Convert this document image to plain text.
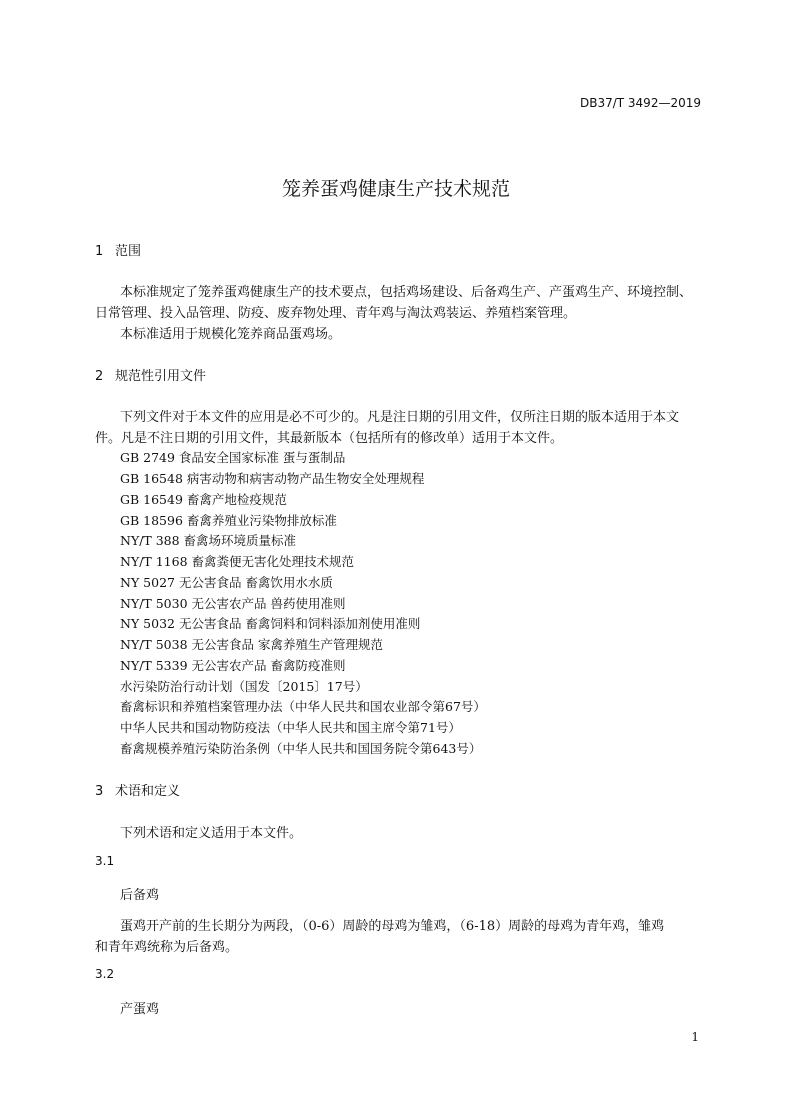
DB37/T 3492—2019
笼养蛋鸡健康生产技术规范
1 范围
本标准规定了笼养蛋鸡健康生产的技术要点，包括鸡场建设、后备鸡生产、产蛋鸡生产、环境控制、
日常管理、投入品管理、防疫、废弃物处理、青年鸡与淘汰鸡装运、养殖档案管理。
本标准适用于规模化笼养商品蛋鸡场。
2 规范性引用文件
下列文件对于本文件的应用是必不可少的。凡是注日期的引用文件，仅所注日期的版本适用于本文
件。凡是不注日期的引用文件，其最新版本（包括所有的修改单）适用于本文件。
GB 2749 食品安全国家标准 蛋与蛋制品
GB 16548 病害动物和病害动物产品生物安全处理规程
GB 16549 畜禽产地检疫规范
GB 18596 畜禽养殖业污染物排放标准
NY/T 388 畜禽场环境质量标准
NY/T 1168 畜禽粪便无害化处理技术规范
NY 5027 无公害食品 畜禽饮用水水质
NY/T 5030 无公害农产品 兽药使用准则
NY 5032 无公害食品 畜禽饲料和饲料添加剂使用准则
NY/T 5038 无公害食品 家禽养殖生产管理规范
NY/T 5339 无公害农产品 畜禽防疫准则
水污染防治行动计划（国发〔2015〕17号）
畜禽标识和养殖档案管理办法（中华人民共和国农业部令第67号）
中华人民共和国动物防疫法（中华人民共和国主席令第71号）
畜禽规模养殖污染防治条例（中华人民共和国国务院令第643号）
3 术语和定义
下列术语和定义适用于本文件。
3.1
后备鸡
蛋鸡开产前的生长期分为两段，（0-6）周龄的母鸡为雏鸡，（6-18）周龄的母鸡为青年鸡，雏鸡
和青年鸡统称为后备鸡。
3.2
产蛋鸡
1
